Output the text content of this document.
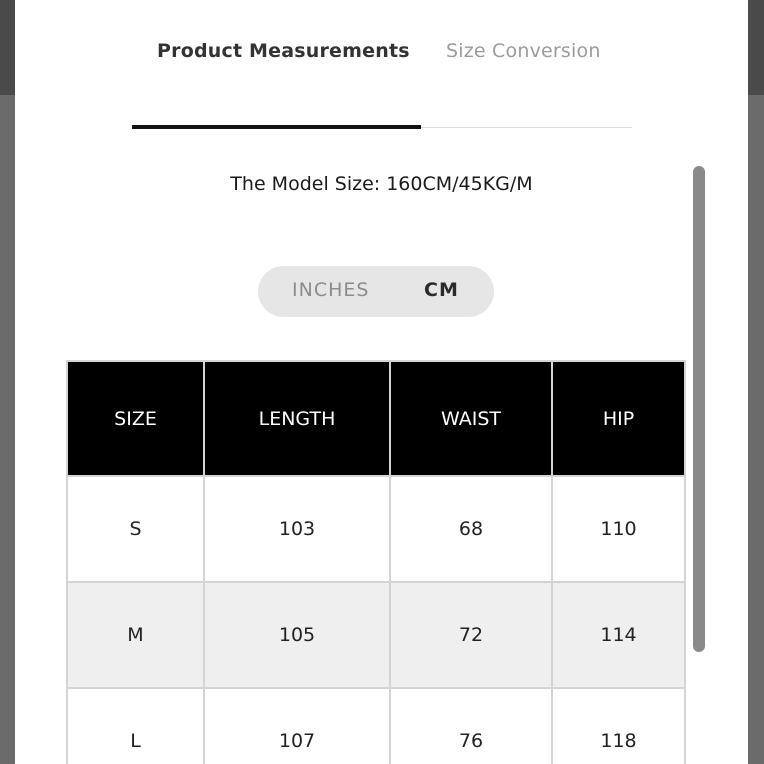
Product Measurements Size Conversion
The Model Size: 160CM/45KG/M
INCHES	CM
SIZE	LENGTH	WAIST	HIP
S	103	68	110
M	105	72	114
L	107	76	118
